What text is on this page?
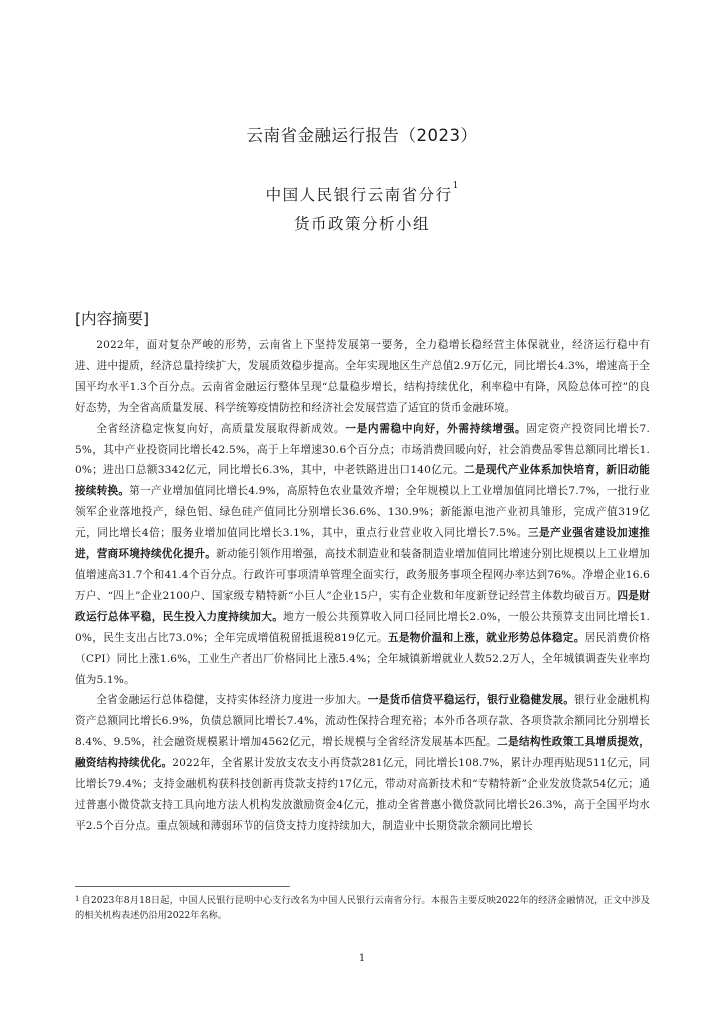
云南省金融运行报告（2023）
中国人民银行云南省分行$^1$
货币政策分析小组
[内容摘要]

2022年，面对复杂严峻的形势，云南省上下坚持发展第一要务，全力稳增长稳经营主体保就业，经济运行稳中有进、进中提质，经济总量持续扩大，发展质效稳步提高。全年实现地区生产总值2.9万亿元，同比增长4.3%，增速高于全国平均水平1.3个百分点。云南省金融运行整体呈现“总量稳步增长，结构持续优化，利率稳中有降，风险总体可控”的良好态势，为全省高质量发展、科学统筹疫情防控和经济社会发展营造了适宜的货币金融环境。

全省经济稳定恢复向好，高质量发展取得新成效。一是内需稳中向好，外需持续增强。固定资产投资同比增长7.5%，其中产业投资同比增长42.5%，高于上年增速30.6个百分点；市场消费回暖向好，社会消费品零售总额同比增长1.0%；进出口总额3342亿元，同比增长6.3%，其中，中老铁路进出口140亿元。二是现代产业体系加快培育，新旧动能接续转换。第一产业增加值同比增长4.9%，高原特色农业量效齐增；全年规模以上工业增加值同比增长7.7%，一批行业领军企业落地投产，绿色铝、绿色硅产值同比分别增长36.6%、130.9%；新能源电池产业初具雏形，完成产值319亿元，同比增长4倍；服务业增加值同比增长3.1%，其中，重点行业营业收入同比增长7.5%。三是产业强省建设加速推进，营商环境持续优化提升。新动能引领作用增强，高技术制造业和装备制造业增加值同比增速分别比规模以上工业增加值增速高31.7个和41.4个百分点。行政许可事项清单管理全面实行，政务服务事项全程网办率达到76%。净增企业16.6万户、“四上”企业2100户、国家级专精特新“小巨人”企业15户，实有企业数和年度新登记经营主体数均破百万。四是财政运行总体平稳，民生投入力度持续加大。地方一般公共预算收入同口径同比增长2.0%，一般公共预算支出同比增长1.0%，民生支出占比73.0%；全年完成增值税留抵退税819亿元。五是物价温和上涨，就业形势总体稳定。居民消费价格（CPI）同比上涨1.6%，工业生产者出厂价格同比上涨5.4%；全年城镇新增就业人数52.2万人，全年城镇调查失业率均值为5.1%。

全省金融运行总体稳健，支持实体经济力度进一步加大。一是货币信贷平稳运行，银行业稳健发展。银行业金融机构资产总额同比增长6.9%，负债总额同比增长7.4%，流动性保持合理充裕；本外币各项存款、各项贷款余额同比分别增长8.4%、9.5%，社会融资规模累计增加4562亿元，增长规模与全省经济发展基本匹配。二是结构性政策工具增质提效，融资结构持续优化。2022年，全省累计发放支农支小再贷款281亿元，同比增长108.7%，累计办理再贴现511亿元，同比增长79.4%；支持金融机构获科技创新再贷款支持约17亿元，带动对高新技术和“专精特新”企业发放贷款54亿元；通过普惠小微贷款支持工具向地方法人机构发放激励资金4亿元，推动全省普惠小微贷款同比增长26.3%，高于全国平均水平2.5个百分点。重点领域和薄弱环节的信贷支持力度持续加大，制造业中长期贷款余额同比增长

$^1$ 自2023年8月18日起，中国人民银行昆明中心支行改名为中国人民银行云南省分行。本报告主要反映2022年的经济金融情况，正文中涉及的相关机构表述仍沿用2022年名称。

1
